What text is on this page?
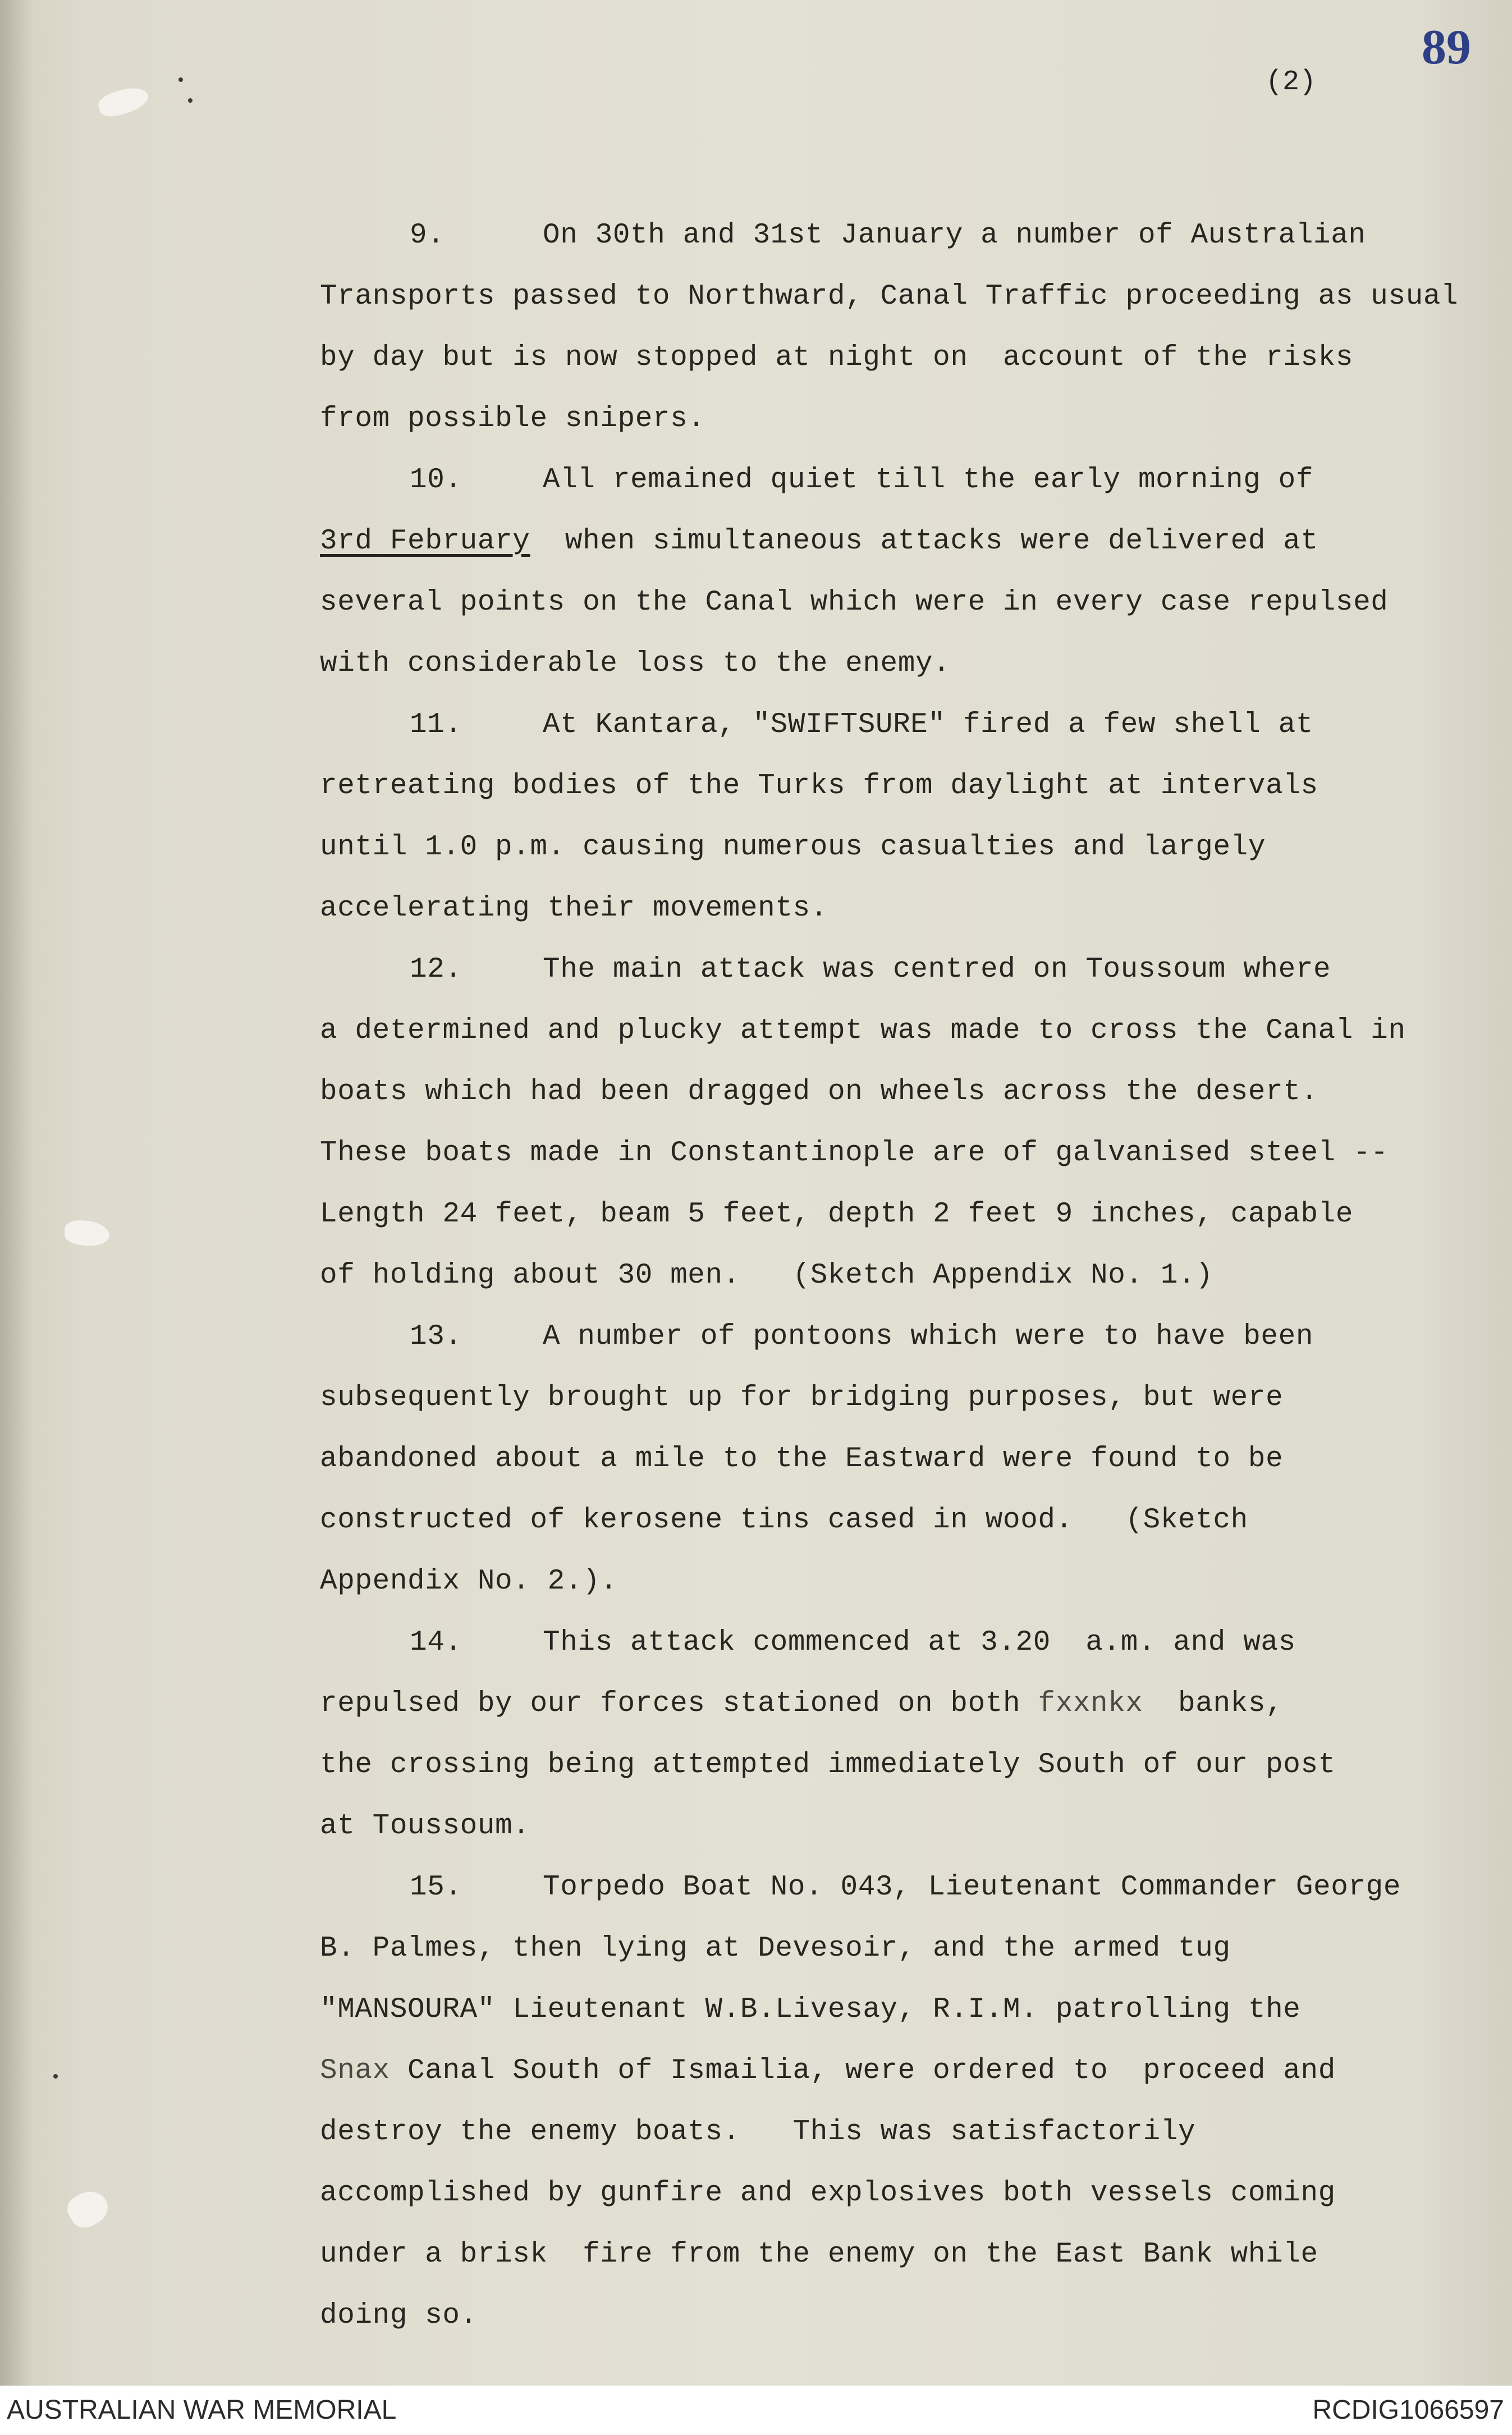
89
(2)
9.	On 30th and 31st January a number of Australian
Transports passed to Northward, Canal Traffic proceeding as usual
by day but is now stopped at night on  account of the risks
from possible snipers.
10.	All remained quiet till the early morning of
3rd February  when simultaneous attacks were delivered at
several points on the Canal which were in every case repulsed
with considerable loss to the enemy.
11.	At Kantara, "SWIFTSURE" fired a few shell at
retreating bodies of the Turks from daylight at intervals
until 1.0 p.m. causing numerous casualties and largely
accelerating their movements.
12.	The main attack was centred on Toussoum where
a determined and plucky attempt was made to cross the Canal in
boats which had been dragged on wheels across the desert.
These boats made in Constantinople are of galvanised steel --
Length 24 feet, beam 5 feet, depth 2 feet 9 inches, capable
of holding about 30 men.   (Sketch Appendix No. 1.)
13.	A number of pontoons which were to have been
subsequently brought up for bridging purposes, but were
abandoned about a mile to the Eastward were found to be
constructed of kerosene tins cased in wood.   (Sketch
Appendix No. 2.).
14.	This attack commenced at 3.20  a.m. and was
repulsed by our forces stationed on both fxxnkx  banks,
the crossing being attempted immediately South of our post
at Toussoum.
15.	Torpedo Boat No. 043, Lieutenant Commander George
B. Palmes, then lying at Devesoir, and the armed tug
"MANSOURA" Lieutenant W.B.Livesay, R.I.M. patrolling the
Snax Canal South of Ismailia, were ordered to  proceed and
destroy the enemy boats.   This was satisfactorily
accomplished by gunfire and explosives both vessels coming
under a brisk  fire from the enemy on the East Bank while
doing so.
AUSTRALIAN WAR MEMORIAL	RCDIG1066597
